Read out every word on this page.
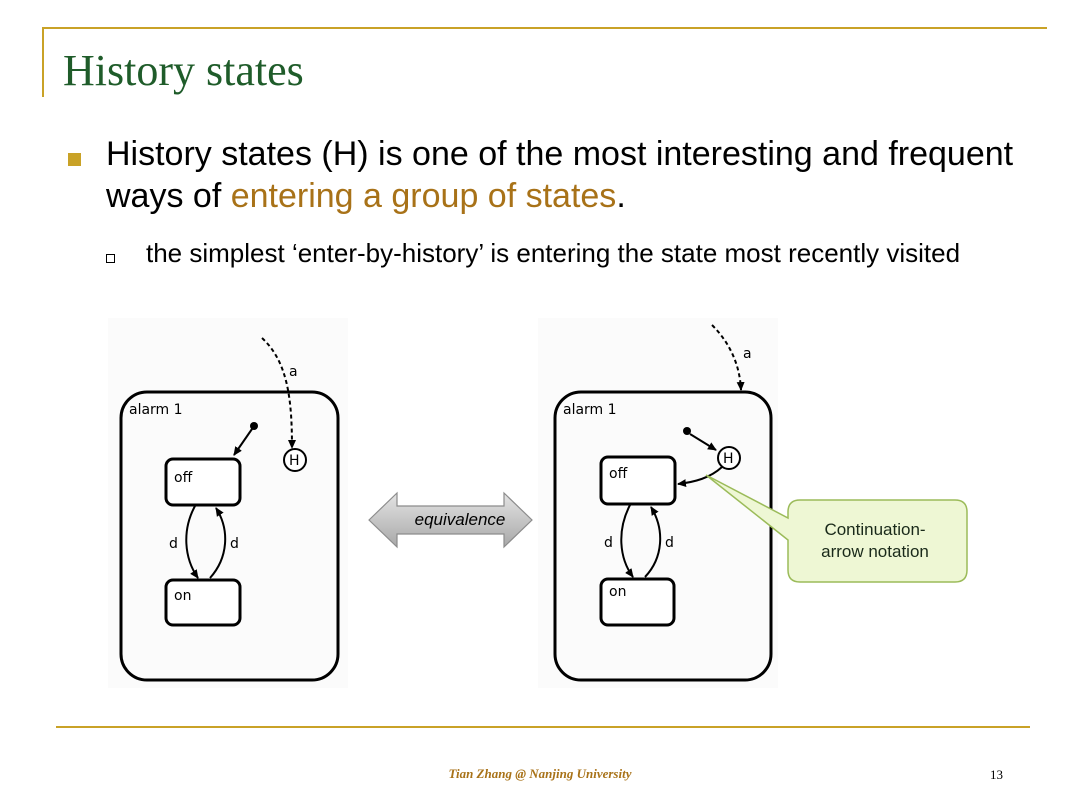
History states
History states (H) is one of the most interesting and frequent ways of entering a group of states.
the simplest ‘enter-by-history’ is entering the state most recently visited
alarm 1
a
H
off
on
d	d
alarm 1
a
H
off
on
d	d
equivalence
Continuation-
arrow notation
Tian Zhang @ Nanjing University	13
